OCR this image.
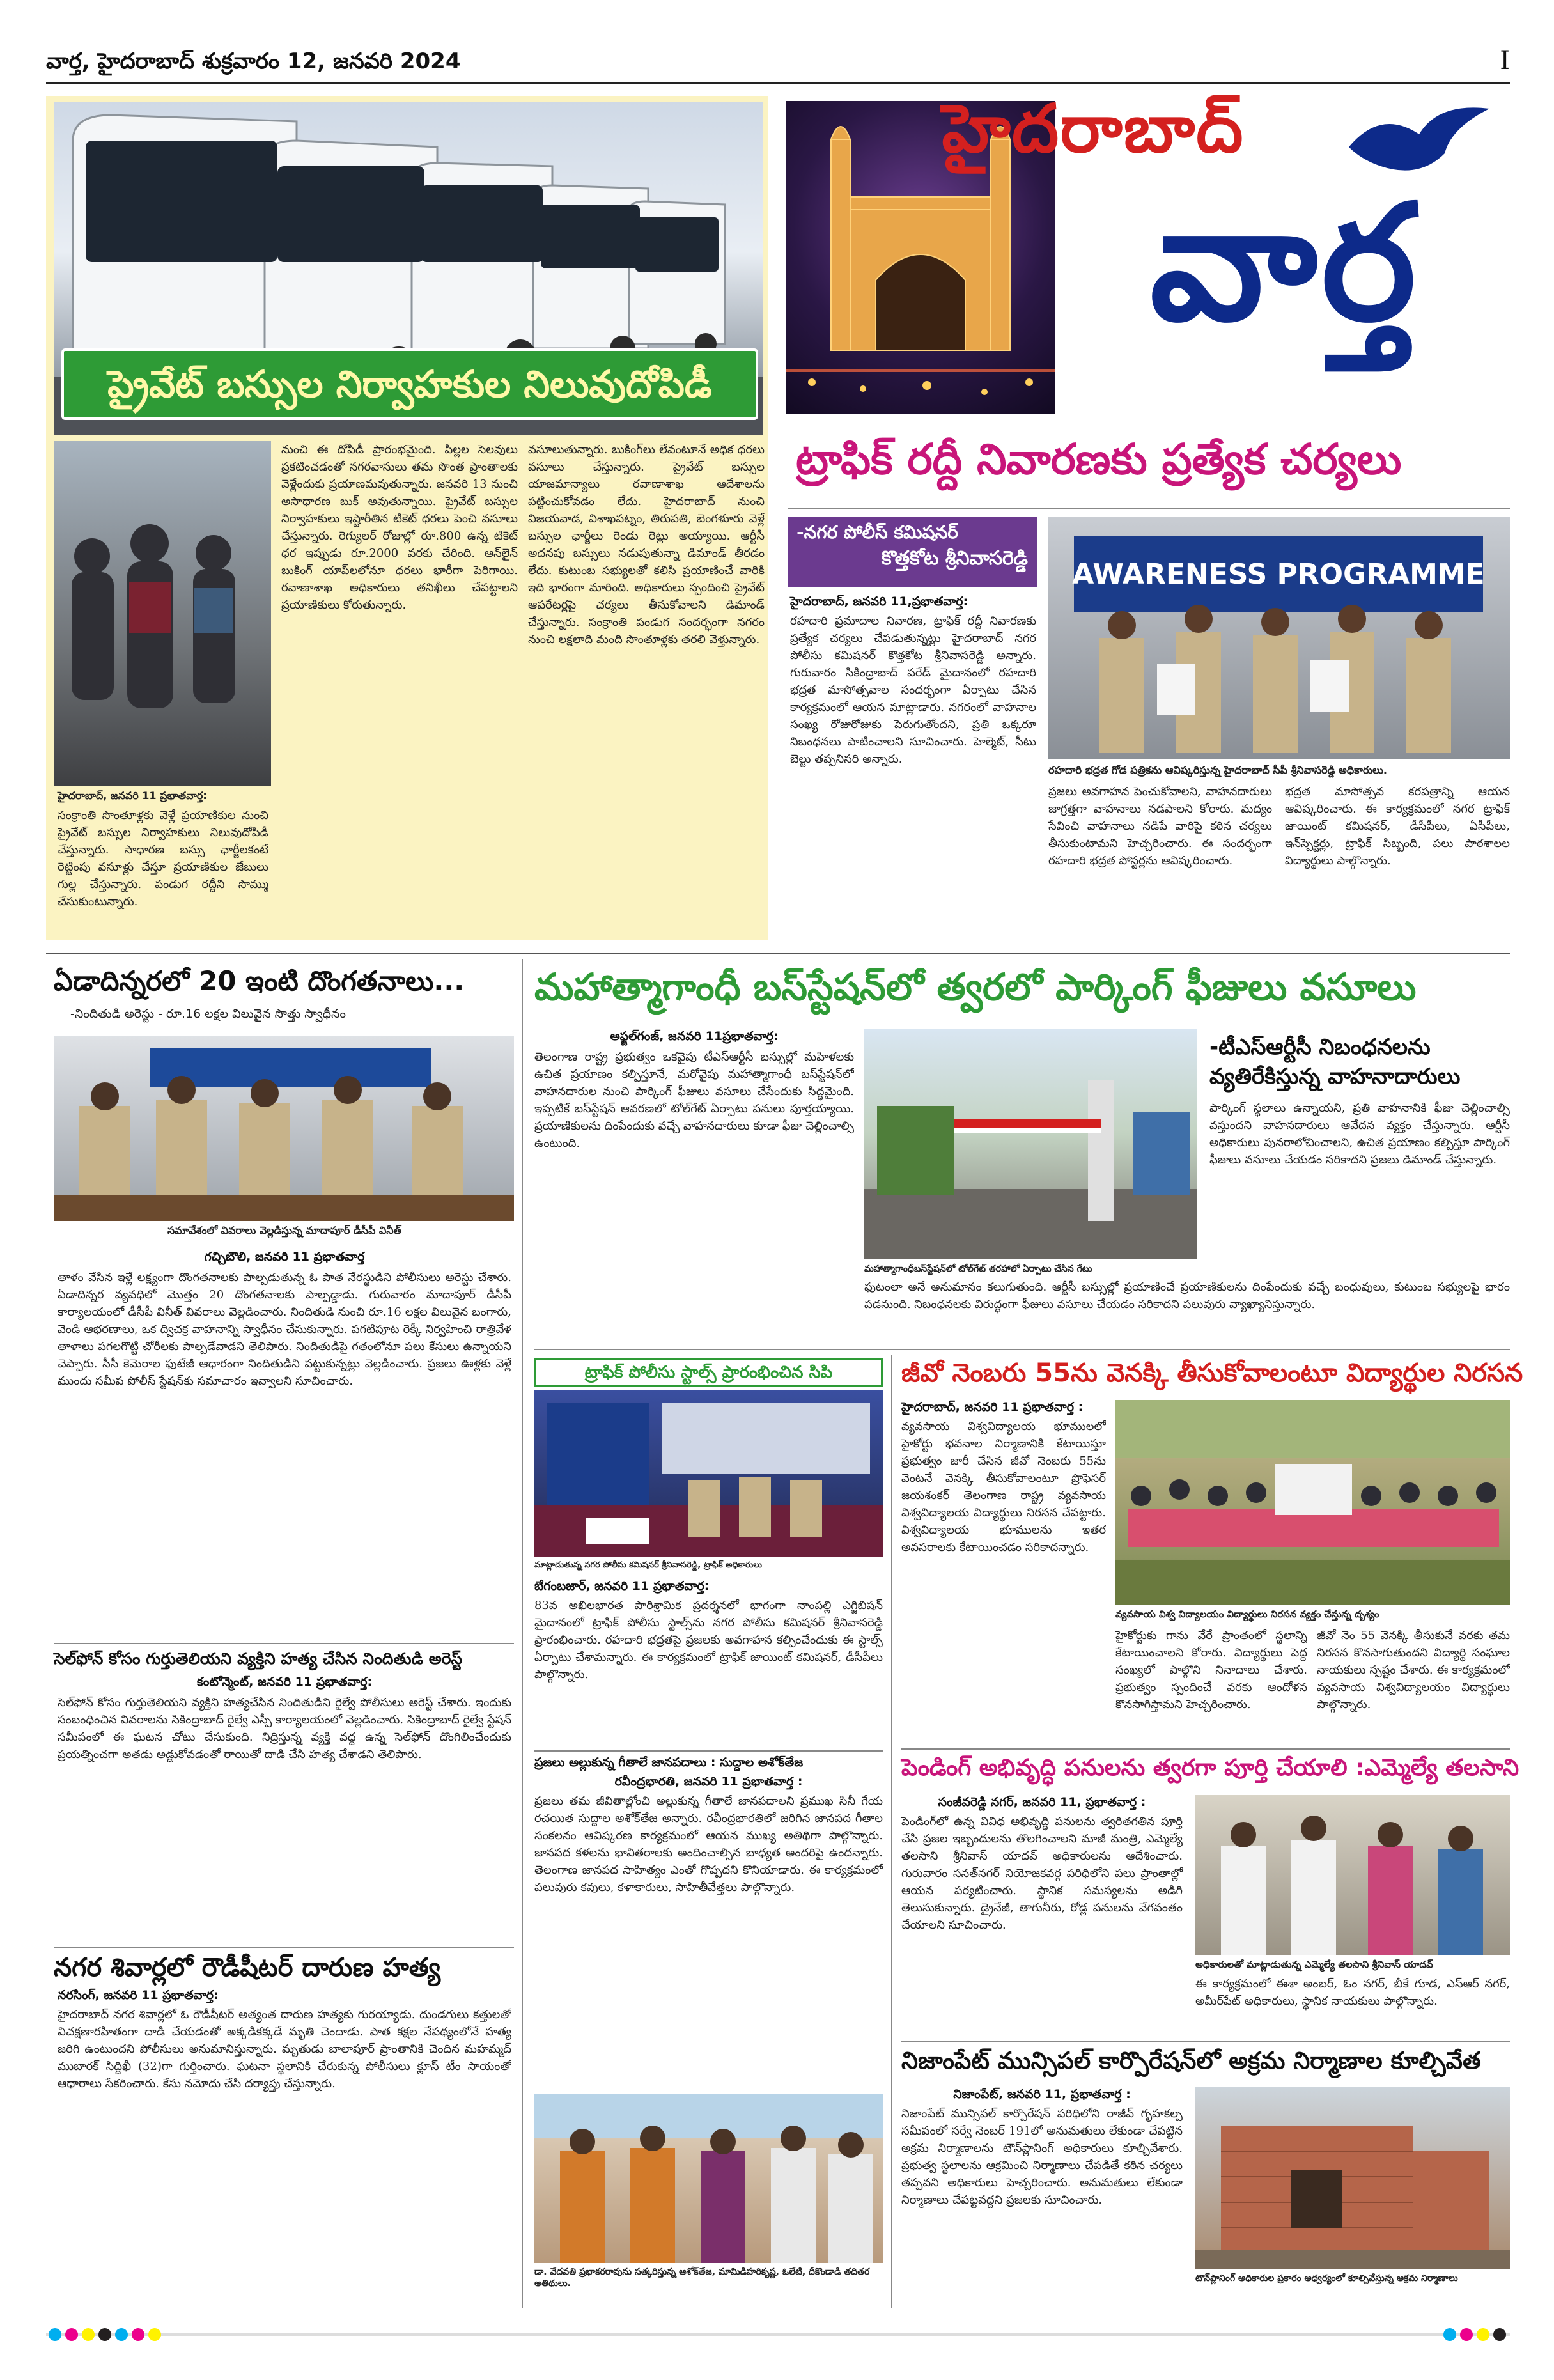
వార్త, హైదరాబాద్ శుక్రవారం 12, జనవరి 2024	I
ప్రైవేట్ బస్సుల నిర్వాహకుల నిలువుదోపిడీ
హైదరాబాద్, జనవరి 11 ప్రభాతవార్త:
సంక్రాంతి సొంతూళ్లకు వెళ్లే ప్రయాణికుల నుంచి ప్రైవేట్ బస్సుల నిర్వాహకులు నిలువుదోపిడీ చేస్తున్నారు. సాధారణ బస్సు ఛార్జీలకంటే రెట్టింపు వసూళ్లు చేస్తూ ప్రయాణికుల జేబులు గుల్ల చేస్తున్నారు. పండుగ రద్దీని సొమ్ము చేసుకుంటున్నారు.
నుంచి ఈ దోపిడీ ప్రారంభమైంది. పిల్లల సెలవులు ప్రకటించడంతో నగరవాసులు తమ సొంత ప్రాంతాలకు వెళ్లేందుకు ప్రయాణమవుతున్నారు. జనవరి 13 నుంచి అసాధారణ బుక్ అవుతున్నాయి. ప్రైవేట్ బస్సుల నిర్వాహకులు ఇష్టారీతిన టికెట్ ధరలు పెంచి వసూలు చేస్తున్నారు. రెగ్యులర్ రోజుల్లో రూ.800 ఉన్న టికెట్ ధర ఇప్పుడు రూ.2000 వరకు చేరింది. ఆన్‌లైన్ బుకింగ్ యాప్‌లలోనూ ధరలు భారీగా పెరిగాయి. రవాణాశాఖ అధికారులు తనిఖీలు చేపట్టాలని ప్రయాణికులు కోరుతున్నారు.
వసూలుతున్నారు. బుకింగ్‌లు లేవంటూనే అధిక ధరలు వసూలు చేస్తున్నారు. ప్రైవేట్ బస్సుల యాజమాన్యాలు రవాణాశాఖ ఆదేశాలను పట్టించుకోవడం లేదు. హైదరాబాద్ నుంచి విజయవాడ, విశాఖపట్నం, తిరుపతి, బెంగళూరు వెళ్లే బస్సుల ఛార్జీలు రెండు రెట్లు అయ్యాయి. ఆర్టీసీ అదనపు బస్సులు నడుపుతున్నా డిమాండ్ తీరడం లేదు. కుటుంబ సభ్యులతో కలిసి ప్రయాణించే వారికి ఇది భారంగా మారింది. అధికారులు స్పందించి ప్రైవేట్ ఆపరేటర్లపై చర్యలు తీసుకోవాలని డిమాండ్ చేస్తున్నారు. సంక్రాంతి పండుగ సందర్భంగా నగరం నుంచి లక్షలాది మంది సొంతూళ్లకు తరలి వెళ్తున్నారు.
హైదరాబాద్
వార్త
ట్రాఫిక్ రద్దీ నివారణకు ప్రత్యేక చర్యలు
-నగర పోలీస్ కమిషనర్
కొత్తకోట శ్రీనివాసరెడ్డి
హైదరాబాద్, జనవరి 11,ప్రభాతవార్త:
రహదారి ప్రమాదాల నివారణ, ట్రాఫిక్ రద్దీ నివారణకు ప్రత్యేక చర్యలు చేపడుతున్నట్లు హైదరాబాద్ నగర పోలీసు కమిషనర్ కొత్తకోట శ్రీనివాసరెడ్డి అన్నారు. గురువారం సికింద్రాబాద్ పరేడ్ మైదానంలో రహదారి భద్రత మాసోత్సవాల సందర్భంగా ఏర్పాటు చేసిన కార్యక్రమంలో ఆయన మాట్లాడారు. నగరంలో వాహనాల సంఖ్య రోజురోజుకు పెరుగుతోందని, ప్రతి ఒక్కరూ నిబంధనలు పాటించాలని సూచించారు. హెల్మెట్, సీటు బెల్టు తప్పనిసరి అన్నారు.
AWARENESS PROGRAMME
రహదారి భద్రత గోడ పత్రికను ఆవిష్కరిస్తున్న హైదరాబాద్ సీపీ శ్రీనివాసరెడ్డి అధికారులు.
ప్రజలు అవగాహన పెంచుకోవాలని, వాహనదారులు జాగ్రత్తగా వాహనాలు నడపాలని కోరారు. మద్యం సేవించి వాహనాలు నడిపే వారిపై కఠిన చర్యలు తీసుకుంటామని హెచ్చరించారు. ఈ సందర్భంగా రహదారి భద్రత పోస్టర్లను ఆవిష్కరించారు.
భద్రత మాసోత్సవ కరపత్రాన్ని ఆయన ఆవిష్కరించారు. ఈ కార్యక్రమంలో నగర ట్రాఫిక్ జాయింట్ కమిషనర్, డీసీపీలు, ఏసీపీలు, ఇన్‌స్పెక్టర్లు, ట్రాఫిక్ సిబ్బంది, పలు పాఠశాలల విద్యార్థులు పాల్గొన్నారు.
ఏడాదిన్నరలో 20 ఇంటి దొంగతనాలు...
-నిందితుడి అరెస్టు - రూ.16 లక్షల విలువైన సొత్తు స్వాధీనం
సమావేశంలో వివరాలు వెల్లడిస్తున్న మాదాపూర్ డీసీపీ వినీత్
గచ్చిబౌలి, జనవరి 11 ప్రభాతవార్త
తాళం వేసిన ఇళ్లే లక్ష్యంగా దొంగతనాలకు పాల్పడుతున్న ఓ పాత నేరస్థుడిని పోలీసులు అరెస్టు చేశారు. ఏడాదిన్నర వ్యవధిలో మొత్తం 20 దొంగతనాలకు పాల్పడ్డాడు. గురువారం మాదాపూర్ డీసీపీ కార్యాలయంలో డీసీపీ వినీత్ వివరాలు వెల్లడించారు. నిందితుడి నుంచి రూ.16 లక్షల విలువైన బంగారు, వెండి ఆభరణాలు, ఒక ద్విచక్ర వాహనాన్ని స్వాధీనం చేసుకున్నారు. పగటిపూట రెక్కీ నిర్వహించి రాత్రివేళ తాళాలు పగలగొట్టి చోరీలకు పాల్పడేవాడని తెలిపారు. నిందితుడిపై గతంలోనూ పలు కేసులు ఉన్నాయని చెప్పారు. సీసీ కెమెరాల ఫుటేజీ ఆధారంగా నిందితుడిని పట్టుకున్నట్లు వెల్లడించారు. ప్రజలు ఊళ్లకు వెళ్లే ముందు సమీప పోలీస్ స్టేషన్‌కు సమాచారం ఇవ్వాలని సూచించారు.
సెల్‌ఫోన్ కోసం గుర్తుతెలియని వ్యక్తిని హత్య చేసిన నిందితుడి అరెస్ట్
కంటోన్మెంట్, జనవరి 11 ప్రభాతవార్త:
సెల్‌ఫోన్ కోసం గుర్తుతెలియని వ్యక్తిని హత్యచేసిన నిందితుడిని రైల్వే పోలీసులు అరెస్ట్ చేశారు. ఇందుకు సంబంధించిన వివరాలను సికింద్రాబాద్ రైల్వే ఎస్పీ కార్యాలయంలో వెల్లడించారు. సికింద్రాబాద్ రైల్వే స్టేషన్ సమీపంలో ఈ ఘటన చోటు చేసుకుంది. నిద్రిస్తున్న వ్యక్తి వద్ద ఉన్న సెల్‌ఫోన్ దొంగిలించేందుకు ప్రయత్నించగా అతడు అడ్డుకోవడంతో రాయితో దాడి చేసి హత్య చేశాడని తెలిపారు.
నగర శివార్లలో రౌడీషీటర్ దారుణ హత్య
నరసింగ్, జనవరి 11 ప్రభాతవార్త:
హైదరాబాద్ నగర శివార్లలో ఓ రౌడీషీటర్ అత్యంత దారుణ హత్యకు గురయ్యాడు. దుండగులు కత్తులతో విచక్షణారహితంగా దాడి చేయడంతో అక్కడికక్కడే మృతి చెందాడు. పాత కక్షల నేపథ్యంలోనే హత్య జరిగి ఉంటుందని పోలీసులు అనుమానిస్తున్నారు. మృతుడు బాలాపూర్ ప్రాంతానికి చెందిన మహమ్మద్ ముబారక్ సిద్దిఖీ (32)గా గుర్తించారు. ఘటనా స్థలానికి చేరుకున్న పోలీసులు క్లూస్ టీం సాయంతో ఆధారాలు సేకరించారు. కేసు నమోదు చేసి దర్యాప్తు చేస్తున్నారు.
మహాత్మాగాంధీ బస్‌స్టేషన్‌లో త్వరలో పార్కింగ్ ఫీజులు వసూలు
అఫ్జల్‌గంజ్, జనవరి 11ప్రభాతవార్త:
తెలంగాణ రాష్ట్ర ప్రభుత్వం ఒకవైపు టీఎస్‌ఆర్టీసీ బస్సుల్లో మహిళలకు ఉచిత ప్రయాణం కల్పిస్తూనే, మరోవైపు మహాత్మాగాంధీ బస్‌స్టేషన్‌లో వాహనదారుల నుంచి పార్కింగ్ ఫీజులు వసూలు చేసేందుకు సిద్ధమైంది. ఇప్పటికే బస్‌స్టేషన్ ఆవరణలో టోల్‌గేట్ ఏర్పాటు పనులు పూర్తయ్యాయి. ప్రయాణికులను దింపేందుకు వచ్చే వాహనదారులు కూడా ఫీజు చెల్లించాల్సి ఉంటుంది.
మహాత్మాగాంధీబస్‌స్టేషన్‌లో టోల్‌గేట్ తరహాలో ఏర్పాటు చేసిన గేటు
ఫుటంలా అనే అనుమానం కలుగుతుంది. ఆర్టీసీ బస్సుల్లో ప్రయాణించే ప్రయాణికులను దింపేందుకు వచ్చే బంధువులు, కుటుంబ సభ్యులపై భారం పడనుంది. నిబంధనలకు విరుద్ధంగా ఫీజులు వసూలు చేయడం సరికాదని పలువురు వ్యాఖ్యానిస్తున్నారు.
-టీఎస్‌ఆర్టీసీ నిబంధనలను వ్యతిరేకిస్తున్న వాహనాదారులు
పార్కింగ్ స్థలాలు ఉన్నాయని, ప్రతి వాహనానికి ఫీజు చెల్లించాల్సి వస్తుందని వాహనదారులు ఆవేదన వ్యక్తం చేస్తున్నారు. ఆర్టీసీ అధికారులు పునరాలోచించాలని, ఉచిత ప్రయాణం కల్పిస్తూ పార్కింగ్ ఫీజులు వసూలు చేయడం సరికాదని ప్రజలు డిమాండ్ చేస్తున్నారు.
ట్రాఫిక్ పోలీసు స్టాల్స్ ప్రారంభించిన సిపి
మాట్లాడుతున్న నగర పోలీసు కమిషనర్ శ్రీనివాసరెడ్డి, ట్రాఫిక్ అధికారులు
బేగంబజార్, జనవరి 11 ప్రభాతవార్త:
83వ అఖిలభారత పారిశ్రామిక ప్రదర్శనలో భాగంగా నాంపల్లి ఎగ్జిబిషన్ మైదానంలో ట్రాఫిక్ పోలీసు స్టాల్స్‌ను నగర పోలీసు కమిషనర్ శ్రీనివాసరెడ్డి ప్రారంభించారు. రహదారి భద్రతపై ప్రజలకు అవగాహన కల్పించేందుకు ఈ స్టాల్స్ ఏర్పాటు చేశామన్నారు. ఈ కార్యక్రమంలో ట్రాఫిక్ జాయింట్ కమిషనర్, డీసీపీలు పాల్గొన్నారు.
ప్రజలు అల్లుకున్న గీతాలే జానపదాలు : సుద్దాల అశోక్‌తేజ
రవీంద్రభారతి, జనవరి 11 ప్రభాతవార్త :
ప్రజలు తమ జీవితాల్లోంచి అల్లుకున్న గీతాలే జానపదాలని ప్రముఖ సినీ గేయ రచయిత సుద్దాల అశోక్‌తేజ అన్నారు. రవీంద్రభారతిలో జరిగిన జానపద గీతాల సంకలనం ఆవిష్కరణ కార్యక్రమంలో ఆయన ముఖ్య అతిథిగా పాల్గొన్నారు. జానపద కళలను భావితరాలకు అందించాల్సిన బాధ్యత అందరిపై ఉందన్నారు. తెలంగాణ జానపద సాహిత్యం ఎంతో గొప్పదని కొనియాడారు. ఈ కార్యక్రమంలో పలువురు కవులు, కళాకారులు, సాహితీవేత్తలు పాల్గొన్నారు.
డా. వేదవతి ప్రభాకరరావును సత్కరిస్తున్న ఆశోక్‌తేజ, మామిడిహరికృష్ణ, ఓలేటి, దీకొండాడి తదితర అతిథులు.
జీవో నెంబరు 55ను వెనక్కి తీసుకోవాలంటూ విద్యార్థుల నిరసన
హైదరాబాద్, జనవరి 11 ప్రభాతవార్త :
వ్యవసాయ విశ్వవిద్యాలయ భూములలో హైకోర్టు భవనాల నిర్మాణానికి కేటాయిస్తూ ప్రభుత్వం జారీ చేసిన జీవో నెంబరు 55ను వెంటనే వెనక్కి తీసుకోవాలంటూ ప్రొఫెసర్ జయశంకర్ తెలంగాణ రాష్ట్ర వ్యవసాయ విశ్వవిద్యాలయ విద్యార్థులు నిరసన చేపట్టారు. విశ్వవిద్యాలయ భూములను ఇతర అవసరాలకు కేటాయించడం సరికాదన్నారు.
వ్యవసాయ విశ్వ విద్యాలయం విద్యార్థులు నిరసన వ్యక్తం చేస్తున్న దృశ్యం
హైకోర్టుకు గాను వేరే ప్రాంతంలో స్థలాన్ని కేటాయించాలని కోరారు. విద్యార్థులు పెద్ద సంఖ్యలో పాల్గొని నినాదాలు చేశారు. ప్రభుత్వం స్పందించే వరకు ఆందోళన కొనసాగిస్తామని హెచ్చరించారు.
జీవో నెం 55 వెనక్కి తీసుకునే వరకు తమ నిరసన కొనసాగుతుందని విద్యార్థి సంఘాల నాయకులు స్పష్టం చేశారు. ఈ కార్యక్రమంలో వ్యవసాయ విశ్వవిద్యాలయం విద్యార్థులు పాల్గొన్నారు.
పెండింగ్ అభివృద్ధి పనులను త్వరగా పూర్తి చేయాలి :ఎమ్మెల్యే తలసాని
సంజీవరెడ్డి నగర్, జనవరి 11, ప్రభాతవార్త :
పెండింగ్‌లో ఉన్న వివిధ అభివృద్ధి పనులను త్వరితగతిన పూర్తి చేసి ప్రజల ఇబ్బందులను తొలగించాలని మాజీ మంత్రి, ఎమ్మెల్యే తలసాని శ్రీనివాస్ యాదవ్ అధికారులను ఆదేశించారు. గురువారం సనత్‌నగర్ నియోజకవర్గ పరిధిలోని పలు ప్రాంతాల్లో ఆయన పర్యటించారు. స్థానిక సమస్యలను అడిగి తెలుసుకున్నారు. డ్రైనేజీ, తాగునీరు, రోడ్ల పనులను వేగవంతం చేయాలని సూచించారు.
అధికారులతో మాట్లాడుతున్న ఎమ్మెల్యే తలసాని శ్రీనివాస్ యాదవ్
ఈ కార్యక్రమంలో ఈశా అంబర్, ఓం నగర్, బీకే గూడ, ఎస్ఆర్ నగర్, అమీర్‌పేట్ అధికారులు, స్థానిక నాయకులు పాల్గొన్నారు.
నిజాంపేట్ మున్సిపల్ కార్పొరేషన్‌లో అక్రమ నిర్మాణాల కూల్చివేత
నిజాంపేట్, జనవరి 11, ప్రభాతవార్త :
నిజాంపేట్ మున్సిపల్ కార్పొరేషన్ పరిధిలోని రాజీవ్ గృహకల్ప సమీపంలో సర్వే నెంబర్ 191లో అనుమతులు లేకుండా చేపట్టిన అక్రమ నిర్మాణాలను టౌన్‌ప్లానింగ్ అధికారులు కూల్చివేశారు. ప్రభుత్వ స్థలాలను ఆక్రమించి నిర్మాణాలు చేపడితే కఠిన చర్యలు తప్పవని అధికారులు హెచ్చరించారు. అనుమతులు లేకుండా నిర్మాణాలు చేపట్టవద్దని ప్రజలకు సూచించారు.
టౌన్‌ప్లానింగ్ అధికారుల ప్రకారం అధ్వర్యంలో కూల్చివేస్తున్న అక్రమ నిర్మాణాలు
